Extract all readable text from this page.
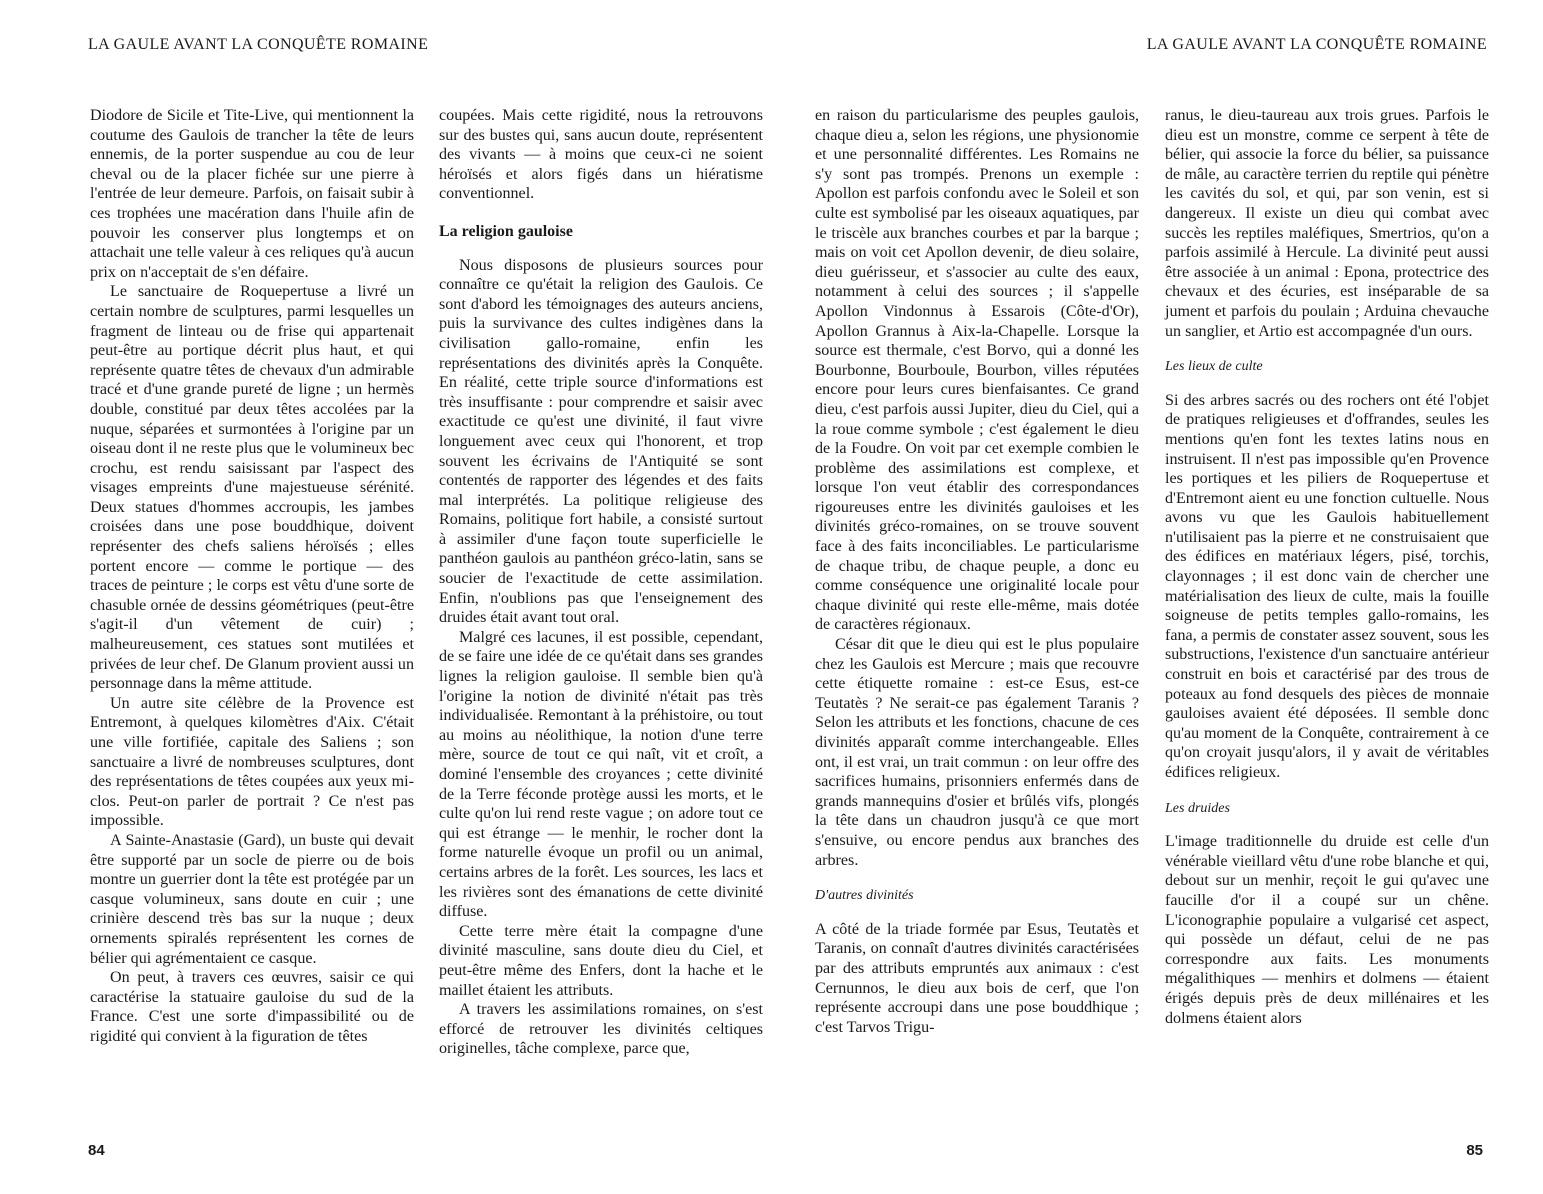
LA GAULE AVANT LA CONQUÊTE ROMAINE	LA GAULE AVANT LA CONQUÊTE ROMAINE

Diodore de Sicile et Tite-Live, qui mentionnent la coutume des Gaulois de trancher la tête de leurs ennemis, de la porter suspendue au cou de leur cheval ou de la placer fichée sur une pierre à l'entrée de leur demeure. Parfois, on faisait subir à ces trophées une macération dans l'huile afin de pouvoir les conserver plus longtemps et on attachait une telle valeur à ces reliques qu'à aucun prix on n'acceptait de s'en défaire.

Le sanctuaire de Roquepertuse a livré un certain nombre de sculptures, parmi lesquelles un fragment de linteau ou de frise qui appartenait peut-être au portique décrit plus haut, et qui représente quatre têtes de chevaux d'un admirable tracé et d'une grande pureté de ligne ; un hermès double, constitué par deux têtes accolées par la nuque, séparées et surmontées à l'origine par un oiseau dont il ne reste plus que le volumineux bec crochu, est rendu saisissant par l'aspect des visages empreints d'une majestueuse sérénité. Deux statues d'hommes accroupis, les jambes croisées dans une pose bouddhique, doivent représenter des chefs saliens héroïsés ; elles portent encore — comme le portique — des traces de peinture ; le corps est vêtu d'une sorte de chasuble ornée de dessins géométriques (peut-être s'agit-il d'un vêtement de cuir) ; malheureusement, ces statues sont mutilées et privées de leur chef. De Glanum provient aussi un personnage dans la même attitude.

Un autre site célèbre de la Provence est Entremont, à quelques kilomètres d'Aix. C'était une ville fortifiée, capitale des Saliens ; son sanctuaire a livré de nombreuses sculptures, dont des représentations de têtes coupées aux yeux mi-clos. Peut-on parler de portrait ? Ce n'est pas impossible.

A Sainte-Anastasie (Gard), un buste qui devait être supporté par un socle de pierre ou de bois montre un guerrier dont la tête est protégée par un casque volumineux, sans doute en cuir ; une crinière descend très bas sur la nuque ; deux ornements spiralés représentent les cornes de bélier qui agrémentaient ce casque.

On peut, à travers ces œuvres, saisir ce qui caractérise la statuaire gauloise du sud de la France. C'est une sorte d'impassibilité ou de rigidité qui convient à la figuration de têtes

coupées. Mais cette rigidité, nous la retrouvons sur des bustes qui, sans aucun doute, représentent des vivants — à moins que ceux-ci ne soient héroïsés et alors figés dans un hiératisme conventionnel.

La religion gauloise

Nous disposons de plusieurs sources pour connaître ce qu'était la religion des Gaulois. Ce sont d'abord les témoignages des auteurs anciens, puis la survivance des cultes indigènes dans la civilisation gallo-romaine, enfin les représentations des divinités après la Conquête. En réalité, cette triple source d'informations est très insuffisante : pour comprendre et saisir avec exactitude ce qu'est une divinité, il faut vivre longuement avec ceux qui l'honorent, et trop souvent les écrivains de l'Antiquité se sont contentés de rapporter des légendes et des faits mal interprétés. La politique religieuse des Romains, politique fort habile, a consisté surtout à assimiler d'une façon toute superficielle le panthéon gaulois au panthéon gréco-latin, sans se soucier de l'exactitude de cette assimilation. Enfin, n'oublions pas que l'enseignement des druides était avant tout oral.

Malgré ces lacunes, il est possible, cependant, de se faire une idée de ce qu'était dans ses grandes lignes la religion gauloise. Il semble bien qu'à l'origine la notion de divinité n'était pas très individualisée. Remontant à la préhistoire, ou tout au moins au néolithique, la notion d'une terre mère, source de tout ce qui naît, vit et croît, a dominé l'ensemble des croyances ; cette divinité de la Terre féconde protège aussi les morts, et le culte qu'on lui rend reste vague ; on adore tout ce qui est étrange — le menhir, le rocher dont la forme naturelle évoque un profil ou un animal, certains arbres de la forêt. Les sources, les lacs et les rivières sont des émanations de cette divinité diffuse.

Cette terre mère était la compagne d'une divinité masculine, sans doute dieu du Ciel, et peut-être même des Enfers, dont la hache et le maillet étaient les attributs.

A travers les assimilations romaines, on s'est efforcé de retrouver les divinités celtiques originelles, tâche complexe, parce que,

en raison du particularisme des peuples gaulois, chaque dieu a, selon les régions, une physionomie et une personnalité différentes. Les Romains ne s'y sont pas trompés. Prenons un exemple : Apollon est parfois confondu avec le Soleil et son culte est symbolisé par les oiseaux aquatiques, par le triscèle aux branches courbes et par la barque ; mais on voit cet Apollon devenir, de dieu solaire, dieu guérisseur, et s'associer au culte des eaux, notamment à celui des sources ; il s'appelle Apollon Vindonnus à Essarois (Côte-d'Or), Apollon Grannus à Aix-la-Chapelle. Lorsque la source est thermale, c'est Borvo, qui a donné les Bourbonne, Bourboule, Bourbon, villes réputées encore pour leurs cures bienfaisantes. Ce grand dieu, c'est parfois aussi Jupiter, dieu du Ciel, qui a la roue comme symbole ; c'est également le dieu de la Foudre. On voit par cet exemple combien le problème des assimilations est complexe, et lorsque l'on veut établir des correspondances rigoureuses entre les divinités gauloises et les divinités gréco-romaines, on se trouve souvent face à des faits inconciliables. Le particularisme de chaque tribu, de chaque peuple, a donc eu comme conséquence une originalité locale pour chaque divinité qui reste elle-même, mais dotée de caractères régionaux.

César dit que le dieu qui est le plus populaire chez les Gaulois est Mercure ; mais que recouvre cette étiquette romaine : est-ce Esus, est-ce Teutatès ? Ne serait-ce pas également Taranis ? Selon les attributs et les fonctions, chacune de ces divinités apparaît comme interchangeable. Elles ont, il est vrai, un trait commun : on leur offre des sacrifices humains, prisonniers enfermés dans de grands mannequins d'osier et brûlés vifs, plongés la tête dans un chaudron jusqu'à ce que mort s'ensuive, ou encore pendus aux branches des arbres.

D'autres divinités

A côté de la triade formée par Esus, Teutatès et Taranis, on connaît d'autres divinités caractérisées par des attributs empruntés aux animaux : c'est Cernunnos, le dieu aux bois de cerf, que l'on représente accroupi dans une pose bouddhique ; c'est Tarvos Trigu-

ranus, le dieu-taureau aux trois grues. Parfois le dieu est un monstre, comme ce serpent à tête de bélier, qui associe la force du bélier, sa puissance de mâle, au caractère terrien du reptile qui pénètre les cavités du sol, et qui, par son venin, est si dangereux. Il existe un dieu qui combat avec succès les reptiles maléfiques, Smertrios, qu'on a parfois assimilé à Hercule. La divinité peut aussi être associée à un animal : Epona, protectrice des chevaux et des écuries, est inséparable de sa jument et parfois du poulain ; Arduina chevauche un sanglier, et Artio est accompagnée d'un ours.

Les lieux de culte

Si des arbres sacrés ou des rochers ont été l'objet de pratiques religieuses et d'offrandes, seules les mentions qu'en font les textes latins nous en instruisent. Il n'est pas impossible qu'en Provence les portiques et les piliers de Roquepertuse et d'Entremont aient eu une fonction cultuelle. Nous avons vu que les Gaulois habituellement n'utilisaient pas la pierre et ne construisaient que des édifices en matériaux légers, pisé, torchis, clayonnages ; il est donc vain de chercher une matérialisation des lieux de culte, mais la fouille soigneuse de petits temples gallo-romains, les fana, a permis de constater assez souvent, sous les substructions, l'existence d'un sanctuaire antérieur construit en bois et caractérisé par des trous de poteaux au fond desquels des pièces de monnaie gauloises avaient été déposées. Il semble donc qu'au moment de la Conquête, contrairement à ce qu'on croyait jusqu'alors, il y avait de véritables édifices religieux.

Les druides

L'image traditionnelle du druide est celle d'un vénérable vieillard vêtu d'une robe blanche et qui, debout sur un menhir, reçoit le gui qu'avec une faucille d'or il a coupé sur un chêne. L'iconographie populaire a vulgarisé cet aspect, qui possède un défaut, celui de ne pas correspondre aux faits. Les monuments mégalithiques — menhirs et dolmens — étaient érigés depuis près de deux millénaires et les dolmens étaient alors

84	85
